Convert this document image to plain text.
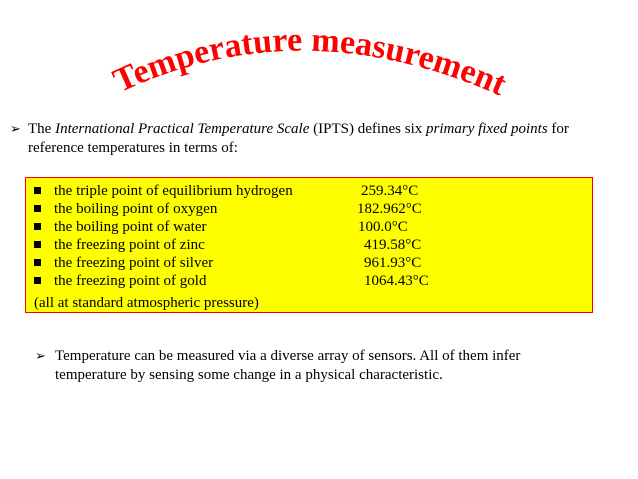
Temperature measurement
➢ The International Practical Temperature Scale (IPTS) defines six primary fixed points for reference temperatures in terms of:
the triple point of equilibrium hydrogen	259.34°C
the boiling point of oxygen	182.962°C
the boiling point of water	100.0°C
the freezing point of zinc	419.58°C
the freezing point of silver	961.93°C
the freezing point of gold	1064.43°C
(all at standard atmospheric pressure)
➢ Temperature can be measured via a diverse array of sensors. All of them infer temperature by sensing some change in a physical characteristic.
